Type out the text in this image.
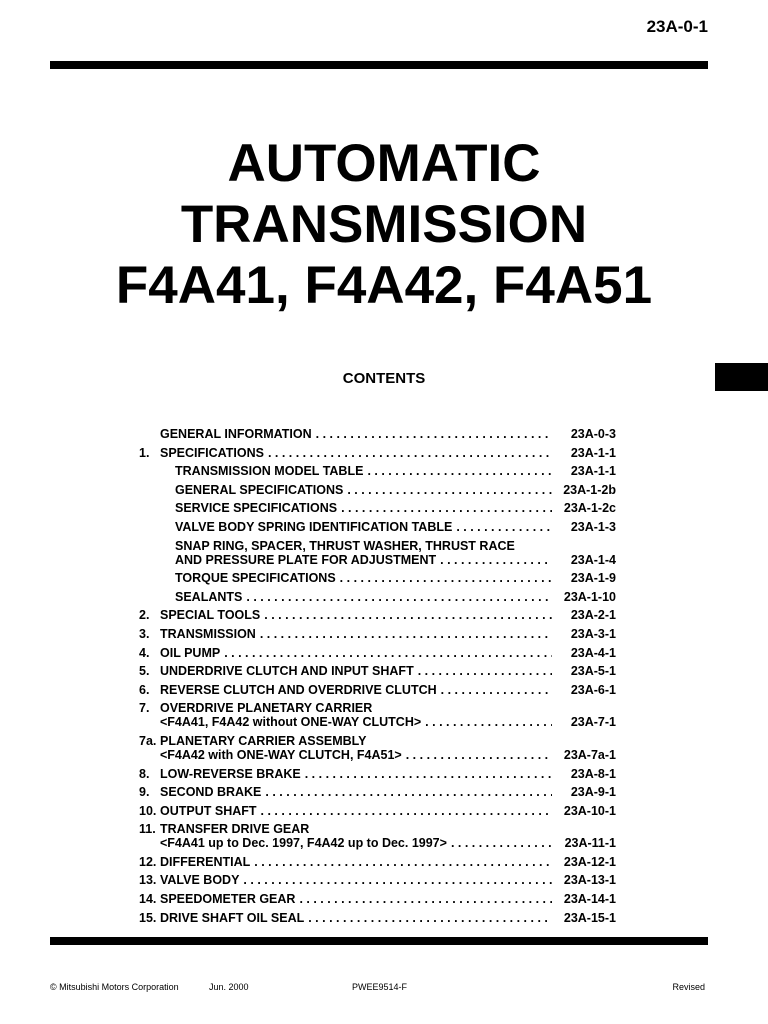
23A-0-1
AUTOMATIC
TRANSMISSION
F4A41, F4A42, F4A51
CONTENTS
GENERAL INFORMATION . . .	23A-0-3
1. SPECIFICATIONS . . .	23A-1-1
TRANSMISSION MODEL TABLE . . .	23A-1-1
GENERAL SPECIFICATIONS . . .	23A-1-2b
SERVICE SPECIFICATIONS . . .	23A-1-2c
VALVE BODY SPRING IDENTIFICATION TABLE . . .	23A-1-3
SNAP RING, SPACER, THRUST WASHER, THRUST RACE
AND PRESSURE PLATE FOR ADJUSTMENT . . .	23A-1-4
TORQUE SPECIFICATIONS . . .	23A-1-9
SEALANTS . . .	23A-1-10
2. SPECIAL TOOLS . . .	23A-2-1
3. TRANSMISSION . . .	23A-3-1
4. OIL PUMP . . .	23A-4-1
5. UNDERDRIVE CLUTCH AND INPUT SHAFT . . .	23A-5-1
6. REVERSE CLUTCH AND OVERDRIVE CLUTCH . . .	23A-6-1
7. OVERDRIVE PLANETARY CARRIER
<F4A41, F4A42 without ONE-WAY CLUTCH> . . .	23A-7-1
7a. PLANETARY CARRIER ASSEMBLY
<F4A42 with ONE-WAY CLUTCH, F4A51> . . .	23A-7a-1
8. LOW-REVERSE BRAKE . . .	23A-8-1
9. SECOND BRAKE . . .	23A-9-1
10. OUTPUT SHAFT . . .	23A-10-1
11. TRANSFER DRIVE GEAR
<F4A41 up to Dec. 1997, F4A42 up to Dec. 1997> . . .	23A-11-1
12. DIFFERENTIAL . . .	23A-12-1
13. VALVE BODY . . .	23A-13-1
14. SPEEDOMETER GEAR . . .	23A-14-1
15. DRIVE SHAFT OIL SEAL . . .	23A-15-1
© Mitsubishi Motors Corporation	Jun. 2000	PWEE9514-F	Revised
